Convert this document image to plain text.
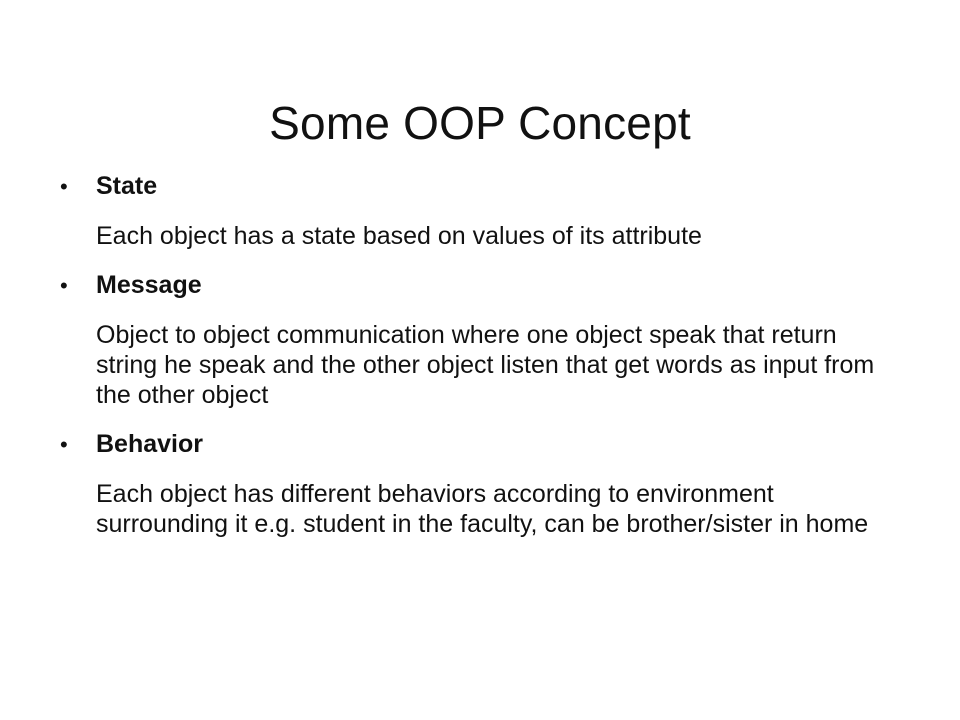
Some OOP Concept
•	State
Each object has a state based on values of its attribute
•	Message
Object to object communication where one object speak that return string he speak and the other object listen that get words as input from the other object
•	Behavior
Each object has different behaviors according to environment surrounding it e.g. student in the faculty, can be brother/sister in home
